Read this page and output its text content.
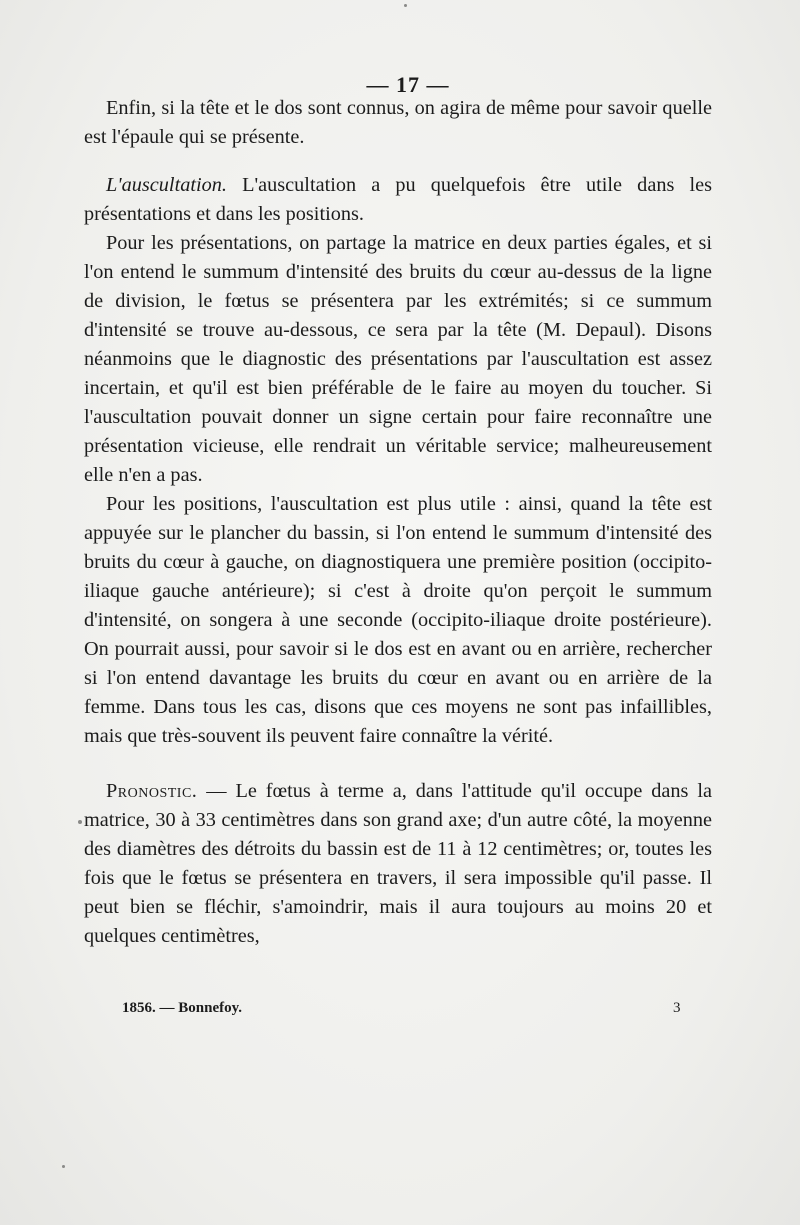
— 17 —

Enfin, si la tête et le dos sont connus, on agira de même pour savoir quelle est l'épaule qui se présente.

L'auscultation. L'auscultation a pu quelquefois être utile dans les présentations et dans les positions.

Pour les présentations, on partage la matrice en deux parties égales, et si l'on entend le summum d'intensité des bruits du cœur au-dessus de la ligne de division, le fœtus se présentera par les extrémités; si ce summum d'intensité se trouve au-dessous, ce sera par la tête (M. Depaul). Disons néanmoins que le diagnostic des présentations par l'auscultation est assez incertain, et qu'il est bien préférable de le faire au moyen du toucher. Si l'auscultation pouvait donner un signe certain pour faire reconnaître une présentation vicieuse, elle rendrait un véritable service; malheureusement elle n'en a pas.

Pour les positions, l'auscultation est plus utile : ainsi, quand la tête est appuyée sur le plancher du bassin, si l'on entend le summum d'intensité des bruits du cœur à gauche, on diagnostiquera une première position (occipito-iliaque gauche antérieure); si c'est à droite qu'on perçoit le summum d'intensité, on songera à une seconde (occipito-iliaque droite postérieure). On pourrait aussi, pour savoir si le dos est en avant ou en arrière, rechercher si l'on entend davantage les bruits du cœur en avant ou en arrière de la femme. Dans tous les cas, disons que ces moyens ne sont pas infaillibles, mais que très-souvent ils peuvent faire connaître la vérité.

Pronostic. — Le fœtus à terme a, dans l'attitude qu'il occupe dans la matrice, 30 à 33 centimètres dans son grand axe; d'un autre côté, la moyenne des diamètres des détroits du bassin est de 11 à 12 centimètres; or, toutes les fois que le fœtus se présentera en travers, il sera impossible qu'il passe. Il peut bien se fléchir, s'amoindrir, mais il aura toujours au moins 20 et quelques centimètres,

1856. — Bonnefoy.	3
